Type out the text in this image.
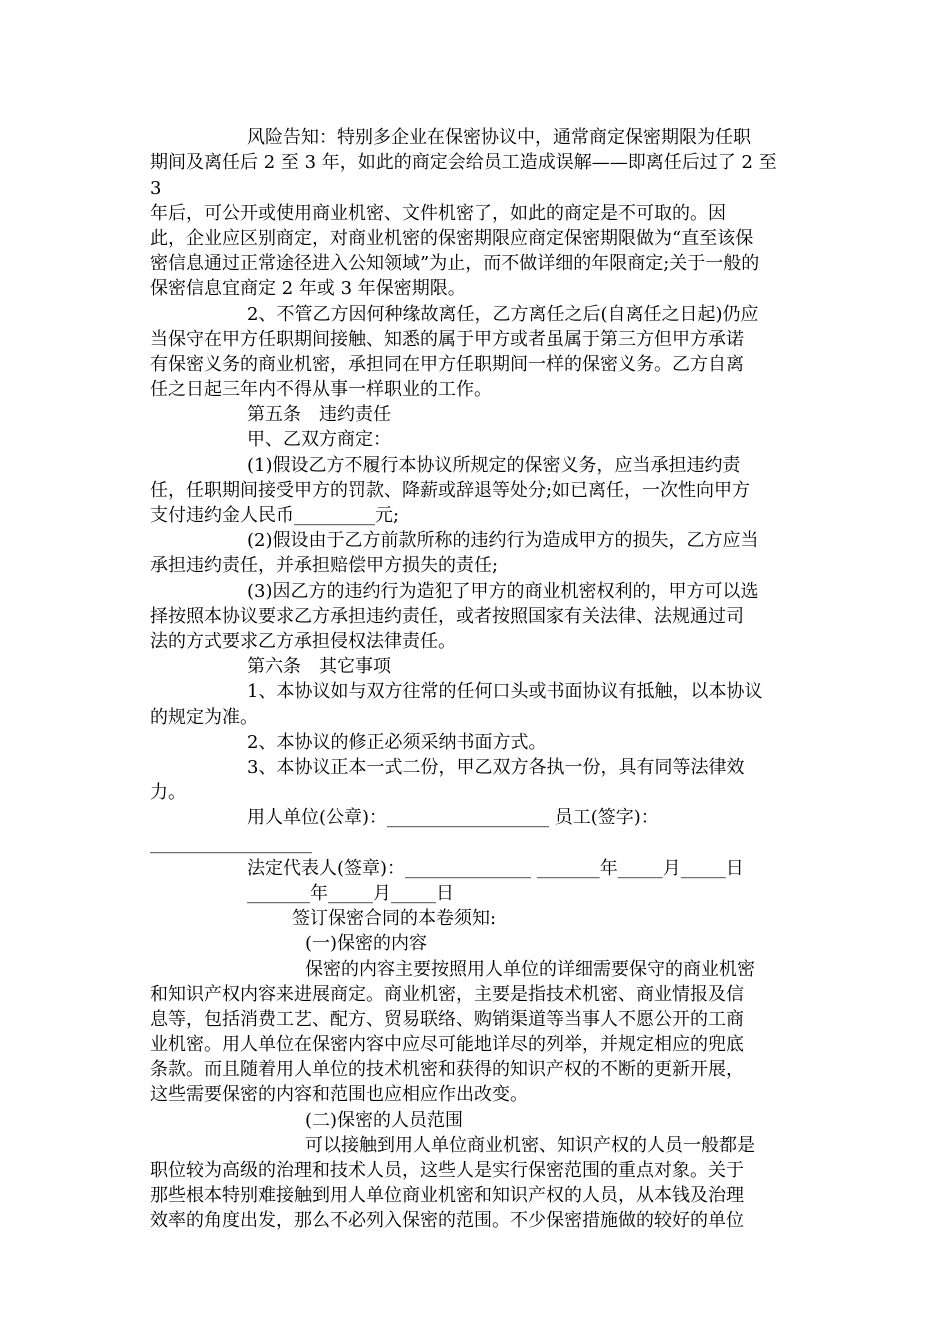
风险告知：特别多企业在保密协议中，通常商定保密期限为任职
期间及离任后 2 至 3 年，如此的商定会给员工造成误解——即离任后过了 2 至
3
年后，可公开或使用商业机密、文件机密了，如此的商定是不可取的。因
此，企业应区别商定，对商业机密的保密期限应商定保密期限做为“直至该保
密信息通过正常途径进入公知领域”为止，而不做详细的年限商定;关于一般的
保密信息宜商定 2 年或 3 年保密期限。
2、不管乙方因何种缘故离任，乙方离任之后(自离任之日起)仍应
当保守在甲方任职期间接触、知悉的属于甲方或者虽属于第三方但甲方承诺
有保密义务的商业机密，承担同在甲方任职期间一样的保密义务。乙方自离
任之日起三年内不得从事一样职业的工作。
第五条　违约责任
甲、乙双方商定：
(1)假设乙方不履行本协议所规定的保密义务，应当承担违约责
任，任职期间接受甲方的罚款、降薪或辞退等处分;如已离任，一次性向甲方
支付违约金人民币_________元;
(2)假设由于乙方前款所称的违约行为造成甲方的损失，乙方应当
承担违约责任，并承担赔偿甲方损失的责任;
(3)因乙方的违约行为造犯了甲方的商业机密权利的，甲方可以选
择按照本协议要求乙方承担违约责任，或者按照国家有关法律、法规通过司
法的方式要求乙方承担侵权法律责任。
第六条　其它事项
1、本协议如与双方往常的任何口头或书面协议有抵触，以本协议
的规定为准。
2、本协议的修正必须采纳书面方式。
3、本协议正本一式二份，甲乙双方各执一份，具有同等法律效
力。
用人单位(公章)：__________________ 员工(签字)：
__________________
法定代表人(签章)：______________ _______年_____月_____日
_______年_____月_____日
签订保密合同的本卷须知:
(一)保密的内容
保密的内容主要按照用人单位的详细需要保守的商业机密
和知识产权内容来进展商定。商业机密，主要是指技术机密、商业情报及信
息等，包括消费工艺、配方、贸易联络、购销渠道等当事人不愿公开的工商
业机密。用人单位在保密内容中应尽可能地详尽的列举，并规定相应的兜底
条款。而且随着用人单位的技术机密和获得的知识产权的不断的更新开展，
这些需要保密的内容和范围也应相应作出改变。
(二)保密的人员范围
可以接触到用人单位商业机密、知识产权的人员一般都是
职位较为高级的治理和技术人员，这些人是实行保密范围的重点对象。关于
那些根本特别难接触到用人单位商业机密和知识产权的人员，从本钱及治理
效率的角度出发，那么不必列入保密的范围。不少保密措施做的较好的单位
